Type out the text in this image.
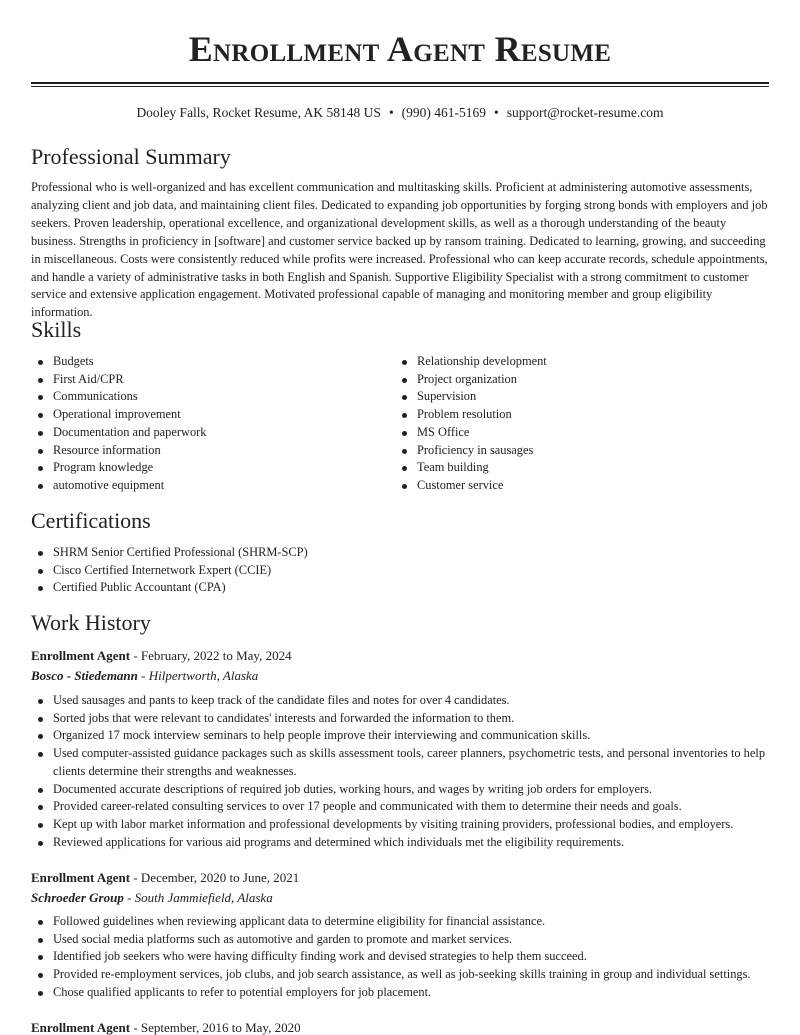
Enrollment Agent Resume
Dooley Falls, Rocket Resume, AK 58148 US • (990) 461-5169 • support@rocket-resume.com
Professional Summary
Professional who is well-organized and has excellent communication and multitasking skills. Proficient at administering automotive assessments, analyzing client and job data, and maintaining client files. Dedicated to expanding job opportunities by forging strong bonds with employers and job seekers. Proven leadership, operational excellence, and organizational development skills, as well as a thorough understanding of the beauty business. Strengths in proficiency in [software] and customer service backed up by ransom training. Dedicated to learning, growing, and succeeding in miscellaneous. Costs were consistently reduced while profits were increased. Professional who can keep accurate records, schedule appointments, and handle a variety of administrative tasks in both English and Spanish. Supportive Eligibility Specialist with a strong commitment to customer service and extensive application engagement. Motivated professional capable of managing and monitoring member and group eligibility information.
Skills
Budgets
First Aid/CPR
Communications
Operational improvement
Documentation and paperwork
Resource information
Program knowledge
automotive equipment
Relationship development
Project organization
Supervision
Problem resolution
MS Office
Proficiency in sausages
Team building
Customer service
Certifications
SHRM Senior Certified Professional (SHRM-SCP)
Cisco Certified Internetwork Expert (CCIE)
Certified Public Accountant (CPA)
Work History
Enrollment Agent - February, 2022 to May, 2024
Bosco - Stiedemann - Hilpertworth, Alaska
Used sausages and pants to keep track of the candidate files and notes for over 4 candidates.
Sorted jobs that were relevant to candidates' interests and forwarded the information to them.
Organized 17 mock interview seminars to help people improve their interviewing and communication skills.
Used computer-assisted guidance packages such as skills assessment tools, career planners, psychometric tests, and personal inventories to help clients determine their strengths and weaknesses.
Documented accurate descriptions of required job duties, working hours, and wages by writing job orders for employers.
Provided career-related consulting services to over 17 people and communicated with them to determine their needs and goals.
Kept up with labor market information and professional developments by visiting training providers, professional bodies, and employers.
Reviewed applications for various aid programs and determined which individuals met the eligibility requirements.
Enrollment Agent - December, 2020 to June, 2021
Schroeder Group - South Jammiefield, Alaska
Followed guidelines when reviewing applicant data to determine eligibility for financial assistance.
Used social media platforms such as automotive and garden to promote and market services.
Identified job seekers who were having difficulty finding work and devised strategies to help them succeed.
Provided re-employment services, job clubs, and job search assistance, as well as job-seeking skills training in group and individual settings.
Chose qualified applicants to refer to potential employers for job placement.
Enrollment Agent - September, 2016 to May, 2020
